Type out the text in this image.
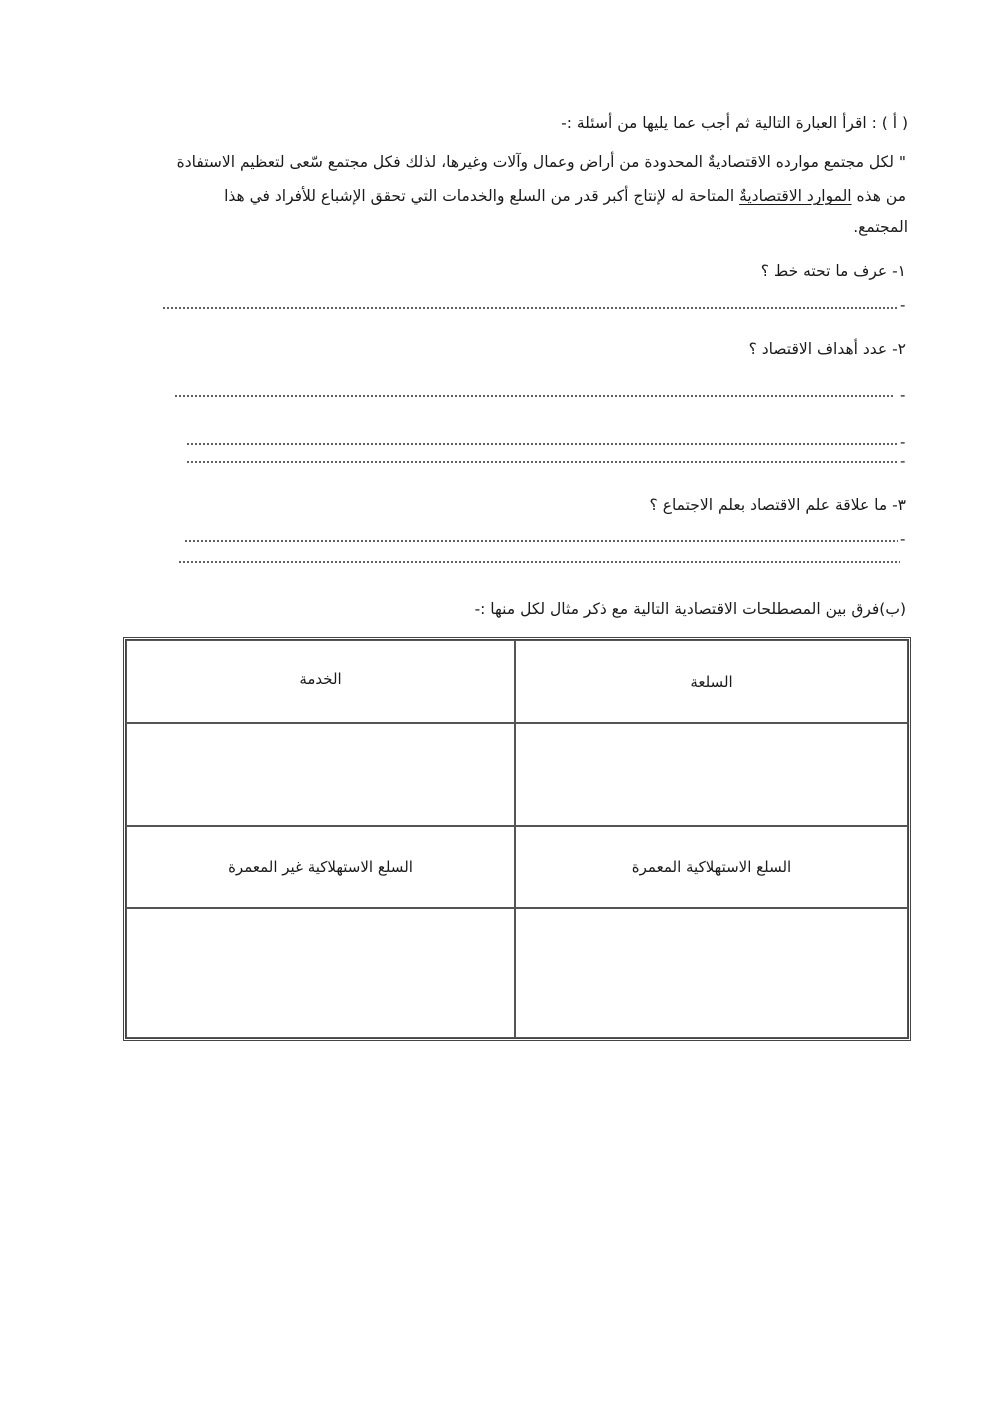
( أ ) : اقرأ العبارة التالية ثم أجب عما يليها من أسئلة :-
" لكل مجتمع موارده الاقتصاديةٌ المحدودة من أراض وعمال وآلات وغيرها، لذلك فكل مجتمع سّعى لتعظيم الاستفادة
من هذه الموارد الاقتصاديةٌ المتاحة له لإنتاج أكبر قدر من السلع والخدمات التي تحقق الإشباع للأفراد في هذا
المجتمع.
١- عرف ما تحته خط ؟
-
٢- عدد أهداف الاقتصاد ؟
-
-
-
٣- ما علاقة علم الاقتصاد بعلم الاجتماع ؟
-
(ب)فرق بين المصطلحات الاقتصادية التالية مع ذكر مثال لكل منها :-
السلعة
الخدمة
السلع الاستهلاكية المعمرة
السلع الاستهلاكية غير المعمرة
